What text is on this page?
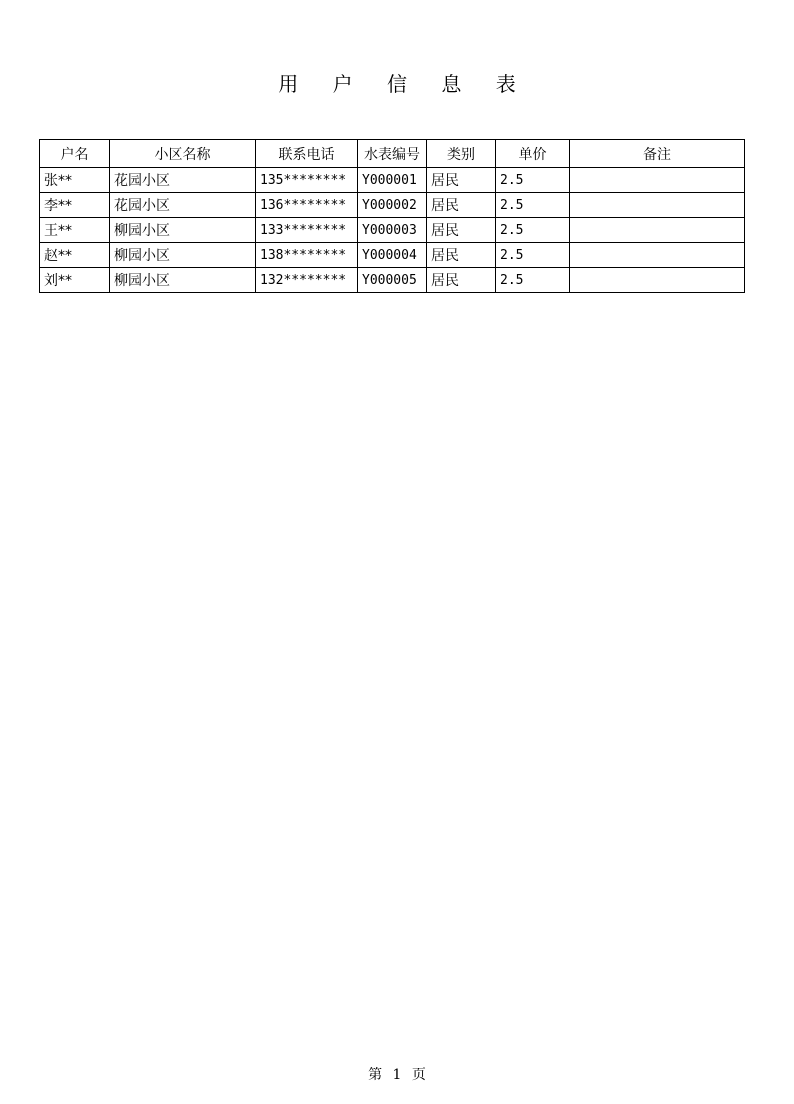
用 户 信 息 表
户名	小区名称	联系电话	水表编号	类别	单价	备注
张**	花园小区	135********	Y000001	居民	2.5	
李**	花园小区	136********	Y000002	居民	2.5	
王**	柳园小区	133********	Y000003	居民	2.5	
赵**	柳园小区	138********	Y000004	居民	2.5	
刘**	柳园小区	132********	Y000005	居民	2.5	
第 1 页
